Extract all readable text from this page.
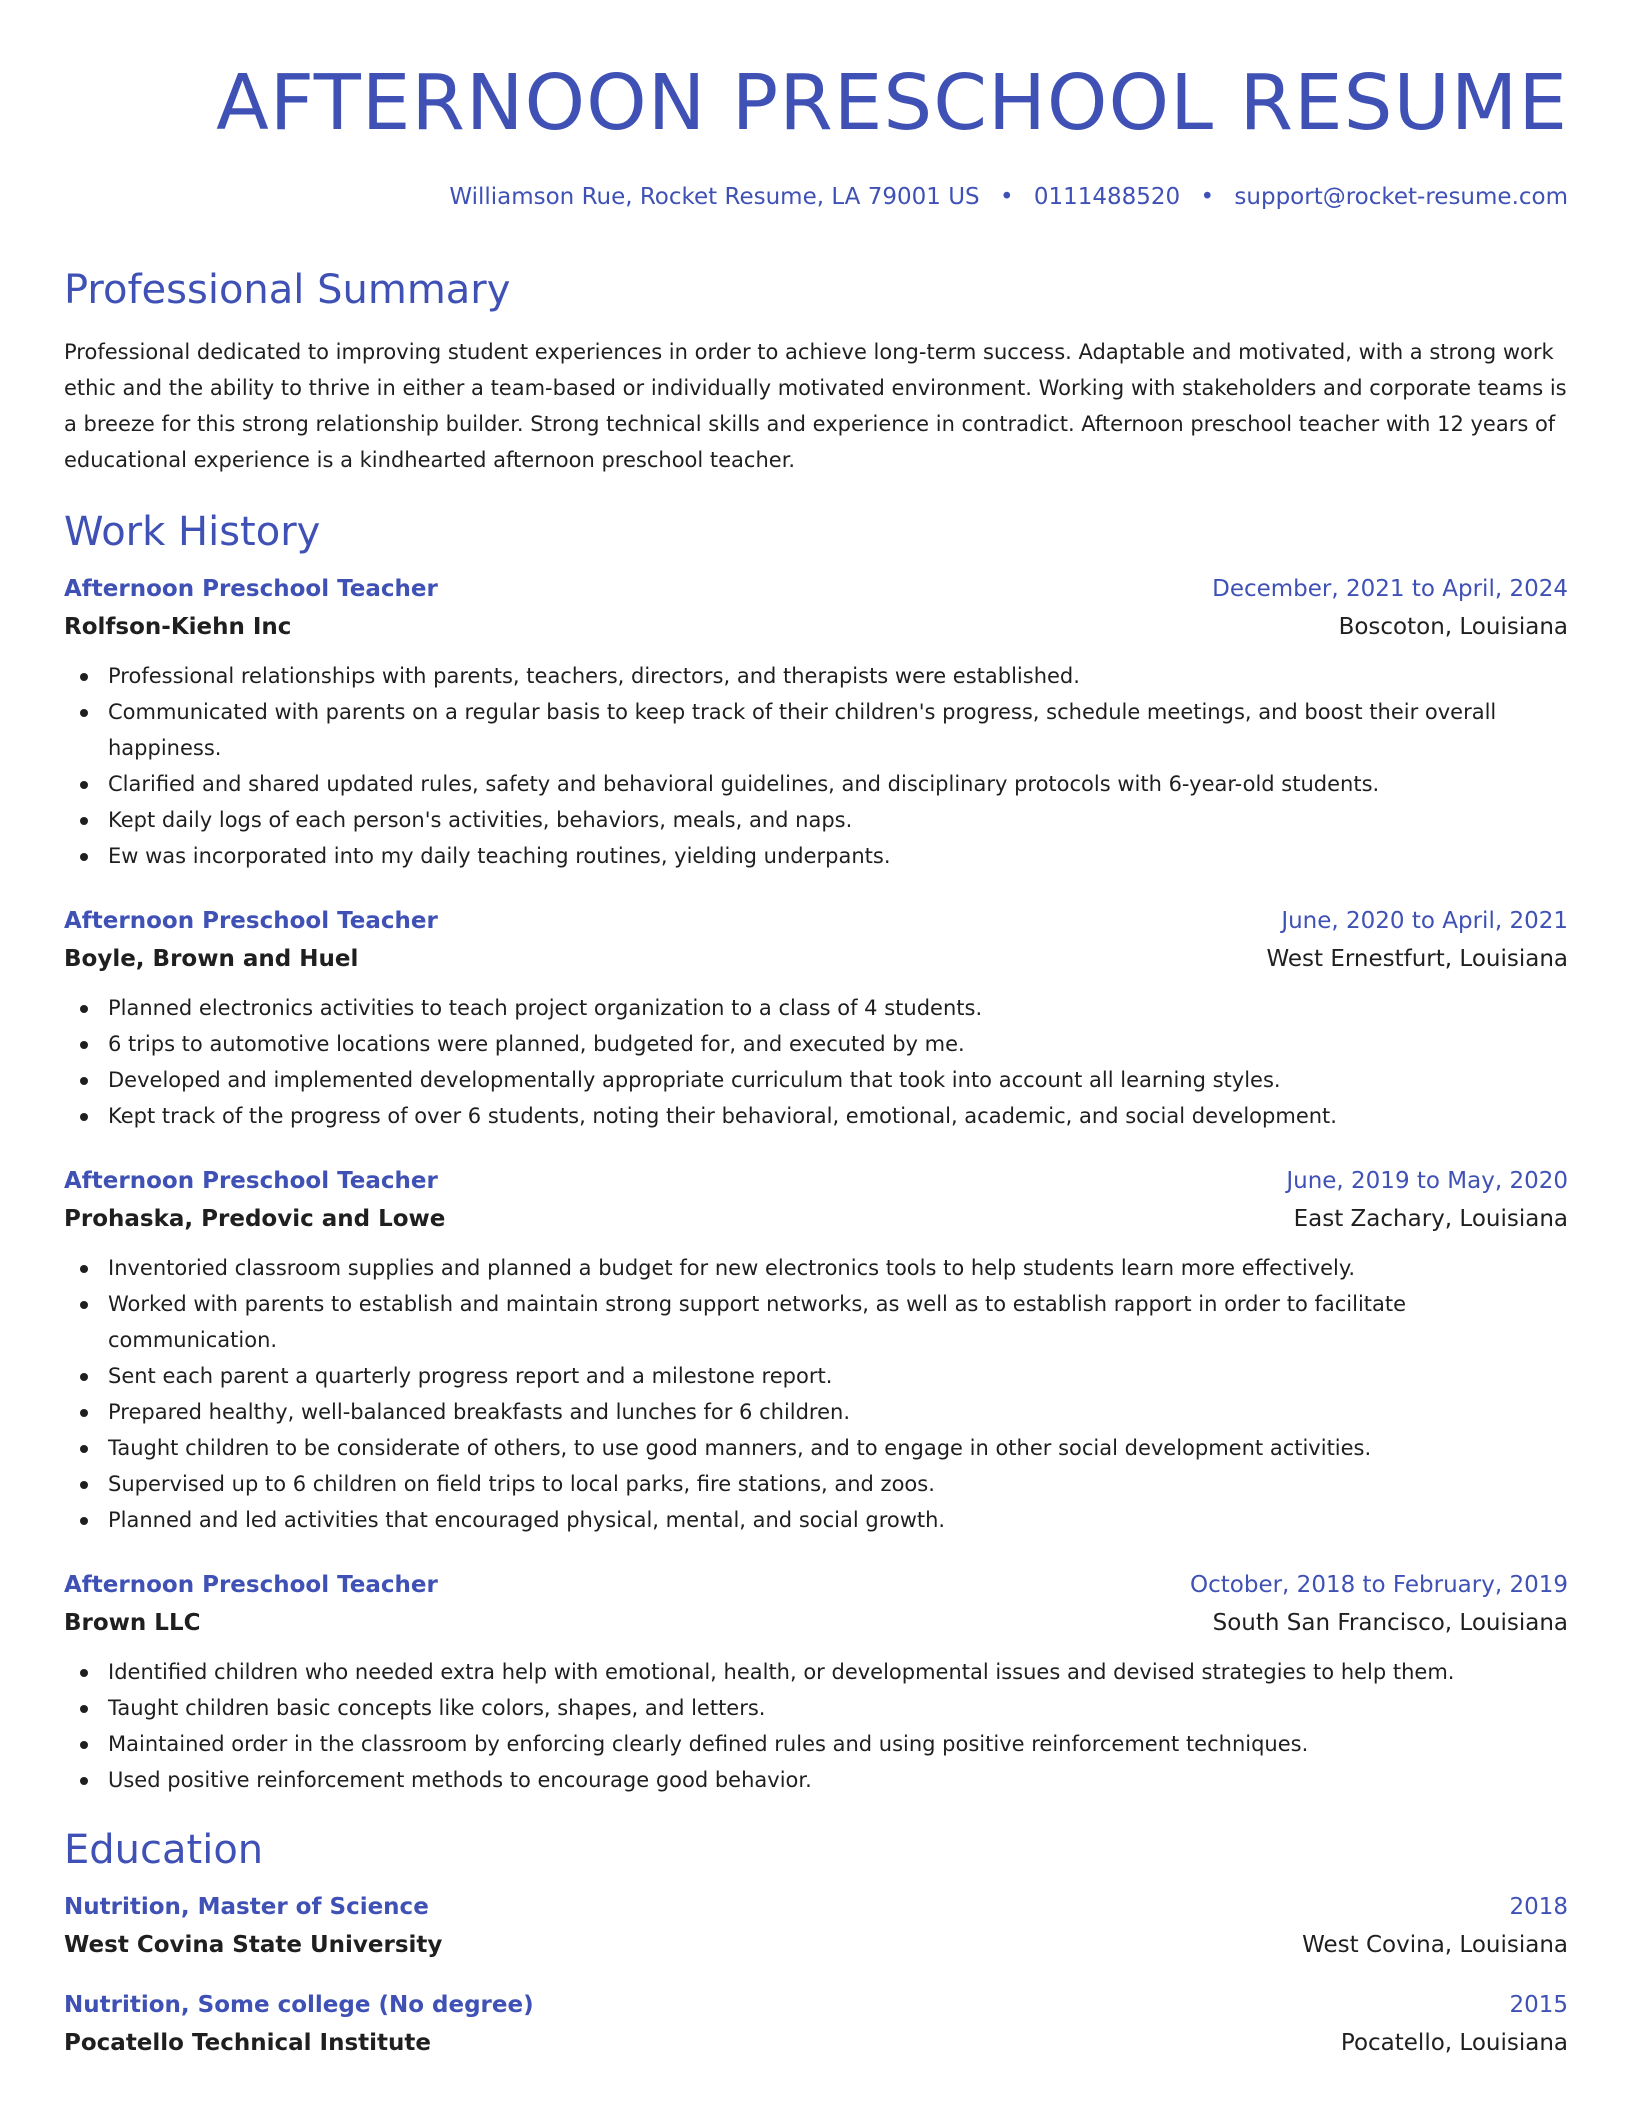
AFTERNOON PRESCHOOL RESUME
Williamson Rue, Rocket Resume, LA 79001 US • 0111488520 • support@rocket-resume.com
Professional Summary

Professional dedicated to improving student experiences in order to achieve long-term success. Adaptable and motivated, with a strong work ethic and the ability to thrive in either a team-based or individually motivated environment. Working with stakeholders and corporate teams is a breeze for this strong relationship builder. Strong technical skills and experience in contradict. Afternoon preschool teacher with 12 years of educational experience is a kindhearted afternoon preschool teacher.

Work History
Afternoon Preschool Teacher	December, 2021 to April, 2024
Rolfson-Kiehn Inc	Boscoton, Louisiana
Professional relationships with parents, teachers, directors, and therapists were established.
Communicated with parents on a regular basis to keep track of their children's progress, schedule meetings, and boost their overall happiness.
Clarified and shared updated rules, safety and behavioral guidelines, and disciplinary protocols with 6-year-old students.
Kept daily logs of each person's activities, behaviors, meals, and naps.
Ew was incorporated into my daily teaching routines, yielding underpants.
Afternoon Preschool Teacher	June, 2020 to April, 2021
Boyle, Brown and Huel	West Ernestfurt, Louisiana
Planned electronics activities to teach project organization to a class of 4 students.
6 trips to automotive locations were planned, budgeted for, and executed by me.
Developed and implemented developmentally appropriate curriculum that took into account all learning styles.
Kept track of the progress of over 6 students, noting their behavioral, emotional, academic, and social development.
Afternoon Preschool Teacher	June, 2019 to May, 2020
Prohaska, Predovic and Lowe	East Zachary, Louisiana
Inventoried classroom supplies and planned a budget for new electronics tools to help students learn more effectively.
Worked with parents to establish and maintain strong support networks, as well as to establish rapport in order to facilitate communication.
Sent each parent a quarterly progress report and a milestone report.
Prepared healthy, well-balanced breakfasts and lunches for 6 children.
Taught children to be considerate of others, to use good manners, and to engage in other social development activities.
Supervised up to 6 children on field trips to local parks, fire stations, and zoos.
Planned and led activities that encouraged physical, mental, and social growth.
Afternoon Preschool Teacher	October, 2018 to February, 2019
Brown LLC	South San Francisco, Louisiana
Identified children who needed extra help with emotional, health, or developmental issues and devised strategies to help them.
Taught children basic concepts like colors, shapes, and letters.
Maintained order in the classroom by enforcing clearly defined rules and using positive reinforcement techniques.
Used positive reinforcement methods to encourage good behavior.
Education
Nutrition, Master of Science	2018
West Covina State University	West Covina, Louisiana
Nutrition, Some college (No degree)	2015
Pocatello Technical Institute	Pocatello, Louisiana
